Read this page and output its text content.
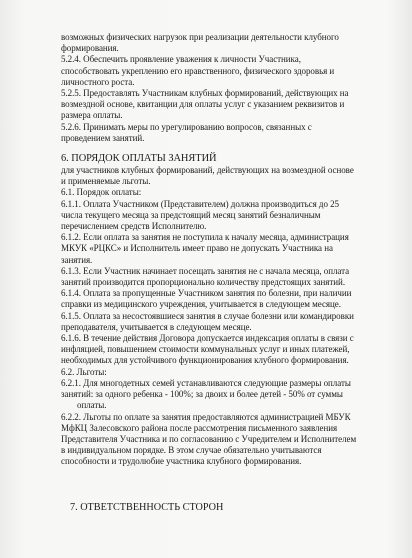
возможных физических нагрузок при реализации деятельности клубного
формирования.
5.2.4. Обеспечить проявление уважения к личности Участника,
способствовать укреплению его нравственного, физического здоровья и
личностного роста.
5.2.5. Предоставлять Участникам клубных формирований, действующих на
возмездной основе, квитанции для оплаты услуг с указанием реквизитов и
размера оплаты.
5.2.6. Принимать меры по урегулированию вопросов, связанных с
проведением занятий.
6. ПОРЯДОК ОПЛАТЫ ЗАНЯТИЙ
для участников клубных формирований, действующих на возмездной основе
и применяемые льготы.
6.1. Порядок оплаты:
6.1.1. Оплата Участником (Представителем) должна производиться до 25
числа текущего месяца за предстоящий месяц занятий безналичным
перечислением средств Исполнителю.
6.1.2. Если оплата за занятия не поступила к началу месяца, администрация
МКУК «РЦКС» и Исполнитель имеет право не допускать Участника на
занятия.
6.1.3. Если Участник начинает посещать занятия не с начала месяца, оплата
занятий производится пропорционально количеству предстоящих занятий.
6.1.4. Оплата за пропущенные Участником занятия по болезни, при наличии
справки из медицинского учреждения, учитывается в следующем месяце.
6.1.5. Оплата за несостоявшиеся занятия в случае болезни или командировки
преподавателя, учитывается в следующем месяце.
6.1.6. В течение действия Договора допускается индексация оплаты в связи с
инфляцией, повышением стоимости коммунальных услуг и иных платежей,
необходимых для устойчивого функционирования клубного формирования.
6.2. Льготы:
6.2.1. Для многодетных семей устанавливаются следующие размеры оплаты
занятий: за одного ребенка - 100%; за двоих и более детей - 50% от суммы
оплаты.
6.2.2. Льготы по оплате за занятия предоставляются администрацией МБУК
МфКЦ Залесовского района после рассмотрения письменного заявления
Представителя Участника и по согласованию с Учредителем и Исполнителем
в индивидуальном порядке. В этом случае обязательно учитываются
способности и трудолюбие участника клубного формирования.
7. ОТВЕТСТВЕННОСТЬ СТОРОН
